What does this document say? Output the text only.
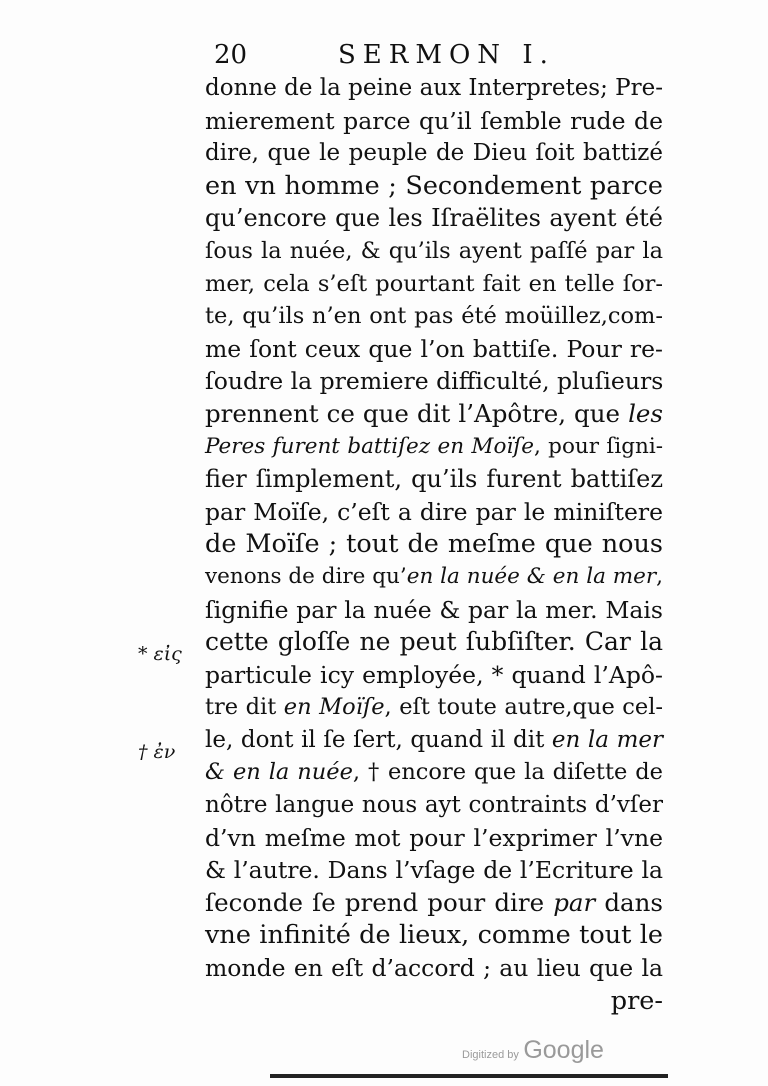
20	SERMON I.
donne de la peine aux Interpretes; Pre-
mierement parce qu’il ſemble rude de
dire, que le peuple de Dieu ſoit battizé
en vn homme ; Secondement parce
qu’encore que les Iſraëlites ayent été
ſous la nuée, & qu’ils ayent paſſé par la
mer, cela s’eſt pourtant fait en telle ſor-
te, qu’ils n’en ont pas été moüillez,com-
me ſont ceux que l’on battiſe. Pour re-
ſoudre la premiere difficulté, pluſieurs
prennent ce que dit l’Apôtre, que les
Peres furent battiſez en Moïſe, pour ſigni-
fier ſimplement, qu’ils furent battiſez
par Moïſe, c’eſt a dire par le miniſtere
de Moïſe ; tout de meſme que nous
venons de dire qu’en la nuée & en la mer,
ſignifie par la nuée & par la mer. Mais
cette gloſſe ne peut ſubſiſter. Car la
particule icy employée, * quand l’Apô-
tre dit en Moïſe, eſt toute autre,que cel-
le, dont il ſe ſert, quand il dit en la mer
& en la nuée, † encore que la diſette de
nôtre langue nous ayt contraints d’vſer
d’vn meſme mot pour l’exprimer l’vne
& l’autre. Dans l’vſage de l’Ecriture la
ſeconde ſe prend pour dire par dans
vne infinité de lieux, comme tout le
monde en eſt d’accord ; au lieu que la
pre-
* εἰς
† ἐν
Digitized by Google
